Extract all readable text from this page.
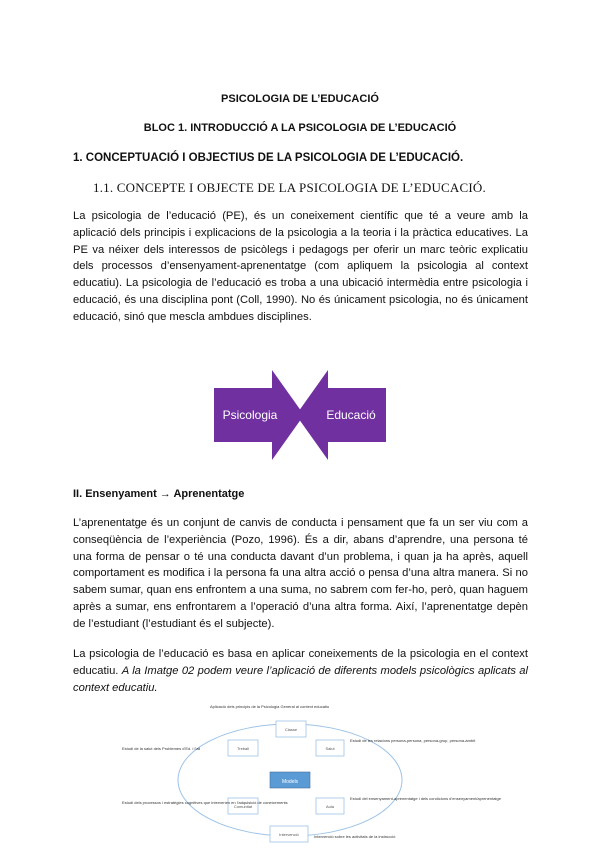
PSICOLOGIA DE L’EDUCACIÓ
BLOC 1. INTRODUCCIÓ A LA PSICOLOGIA DE L’EDUCACIÓ
1. CONCEPTUACIÓ I OBJECTIUS DE LA PSICOLOGIA DE L’EDUCACIÓ.
1.1. CONCEPTE I OBJECTE DE LA PSICOLOGIA DE L’EDUCACIÓ.
La psicologia de l’educació (PE), és un coneixement científic que té a veure amb la aplicació dels principis i explicacions de la psicologia a la teoria i la pràctica educatives. La PE va néixer dels interessos de psicòlegs i pedagogs per oferir un marc teòric explicatiu dels processos d’ensenyament-aprenentatge (com apliquem la psicologia al context educatiu). La psicologia de l’educació es troba a una ubicació intermèdia entre psicologia i educació, és una disciplina pont (Coll, 1990). No és únicament psicologia, no és únicament educació, sinó que mescla ambdues disciplines.
Psicologia	Educació
II. Ensenyament → Aprenentatge
L’aprenentatge és un conjunt de canvis de conducta i pensament que fa un ser viu com a conseqüència de l’experiència (Pozo, 1996). És a dir, abans d’aprendre, una persona té una forma de pensar o té una conducta davant d’un problema, i quan ja ha après, aquell comportament es modifica i la persona fa una altra acció o pensa d’una altra manera. Si no sabem sumar, quan ens enfrontem a una suma, no sabrem com fer-ho, però, quan haguem après a sumar, ens enfrontarem a l’operació d’una altra forma. Així, l’aprenentatge depèn de l’estudiant (l’estudiant és el subjecte).
La psicologia de l’educació es basa en aplicar coneixements de la psicologia en el context educatiu. A la Imatge 02 podem veure l’aplicació de diferents models psicològics aplicats al context educatiu.
Models
Classe
Salut
Aula
Comunitat
Intervenció
Treball
Aplicació dels principis de la Psicologia General al context educatiu
Estudi de les relacions persona-persona, persona-grup, persona-àmbit
Estudi del ensenyament-aprenentatge i dels condicions d’ensenyament/aprenentatge
Estudi de la salut dels Problemes d’Ed. i l’ali
Estudi dels processos i estratègies cognitives que intervenen en l’adquisició de coneixements
Intervenció sobre les activitats de la instrucció
